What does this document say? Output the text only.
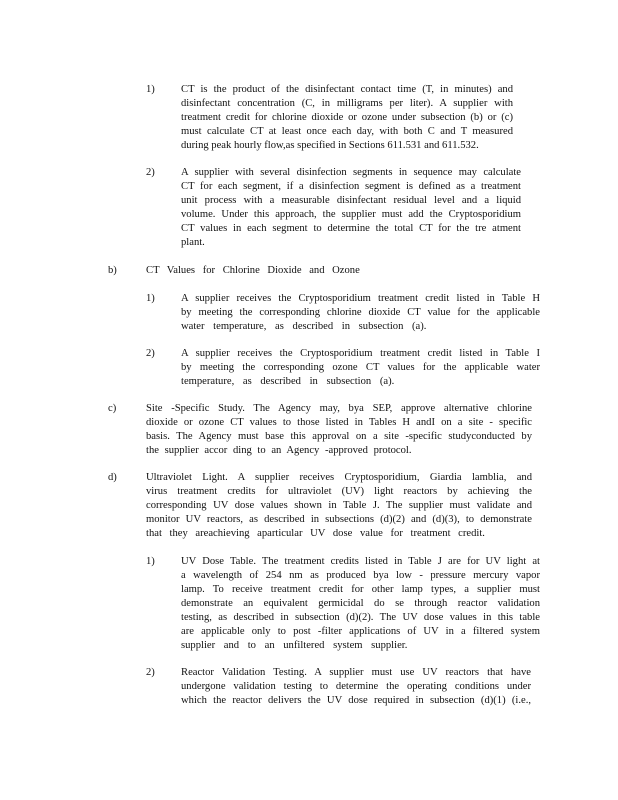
1) CT is the product of the disinfectant contact time (T, in minutes) and
disinfectant concentration (C, in milligrams per liter). A supplier with
treatment credit for chlorine dioxide or ozone under subsection (b) or (c)
must calculate CT at least once each day, with both C and T measured
during peak hourly flow,as specified in Sections 611.531 and 611.532.
2) A supplier with several disinfection segments in sequence may calculate
CT for each segment, if a disinfection segment is defined as a treatment
unit process with a measurable disinfectant residual level and a liquid
volume. Under this approach, the supplier must add the Cryptosporidium
CT values in each segment to determine the total CT for the tre atment
plant.
b)	CT Values for Chlorine Dioxide and Ozone
1) A supplier receives the Cryptosporidium treatment credit listed in Table H
by meeting the corresponding chlorine dioxide CT value for the applicable
water temperature, as described in subsection (a).
2) A supplier receives the Cryptosporidium treatment credit listed in Table I
by meeting the corresponding ozone CT values for the applicable water
temperature, as described in subsection (a).
c)	Site -Specific Study. The Agency may, bya SEP, approve alternative chlorine
dioxide or ozone CT values to those listed in Tables H andI on a site - specific
basis. The Agency must base this approval on a site -specific studyconducted by
the supplier accor ding to an Agency -approved protocol.
d)	Ultraviolet Light. A supplier receives Cryptosporidium, Giardia lamblia, and
virus treatment credits for ultraviolet (UV) light reactors by achieving the
corresponding UV dose values shown in Table J. The supplier must validate and
monitor UV reactors, as described in subsections (d)(2) and (d)(3), to demonstrate
that they areachieving aparticular UV dose value for treatment credit.
1) UV Dose Table. The treatment credits listed in Table J are for UV light at
a wavelength of 254 nm as produced bya low - pressure mercury vapor
lamp. To receive treatment credit for other lamp types, a supplier must
demonstrate an equivalent germicidal do se through reactor validation
testing, as described in subsection (d)(2). The UV dose values in this table
are applicable only to post -filter applications of UV in a filtered system
supplier and to an unfiltered system supplier.
2) Reactor Validation Testing. A supplier must use UV reactors that have
undergone validation testing to determine the operating conditions under
which the reactor delivers the UV dose required in subsection (d)(1) (i.e.,
